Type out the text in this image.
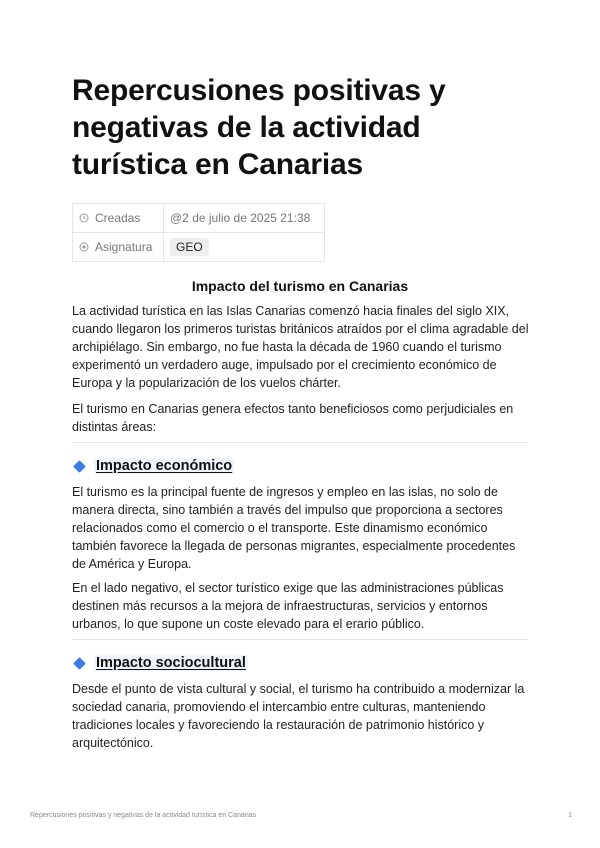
Repercusiones positivas y negativas de la actividad turística en Canarias
Creadas	@2 de julio de 2025 21:38
Asignatura	GEO
Impacto del turismo en Canarias

La actividad turística en las Islas Canarias comenzó hacia finales del siglo XIX, cuando llegaron los primeros turistas británicos atraídos por el clima agradable del archipiélago. Sin embargo, no fue hasta la década de 1960 cuando el turismo experimentó un verdadero auge, impulsado por el crecimiento económico de Europa y la popularización de los vuelos chárter.

El turismo en Canarias genera efectos tanto beneficiosos como perjudiciales en distintas áreas:

Impacto económico

El turismo es la principal fuente de ingresos y empleo en las islas, no solo de manera directa, sino también a través del impulso que proporciona a sectores relacionados como el comercio o el transporte. Este dinamismo económico también favorece la llegada de personas migrantes, especialmente procedentes de América y Europa.

En el lado negativo, el sector turístico exige que las administraciones públicas destinen más recursos a la mejora de infraestructuras, servicios y entornos urbanos, lo que supone un coste elevado para el erario público.

Impacto sociocultural

Desde el punto de vista cultural y social, el turismo ha contribuido a modernizar la sociedad canaria, promoviendo el intercambio entre culturas, manteniendo tradiciones locales y favoreciendo la restauración de patrimonio histórico y arquitectónico.

Repercusiones positivas y negativas de la actividad turística en Canarias	1
